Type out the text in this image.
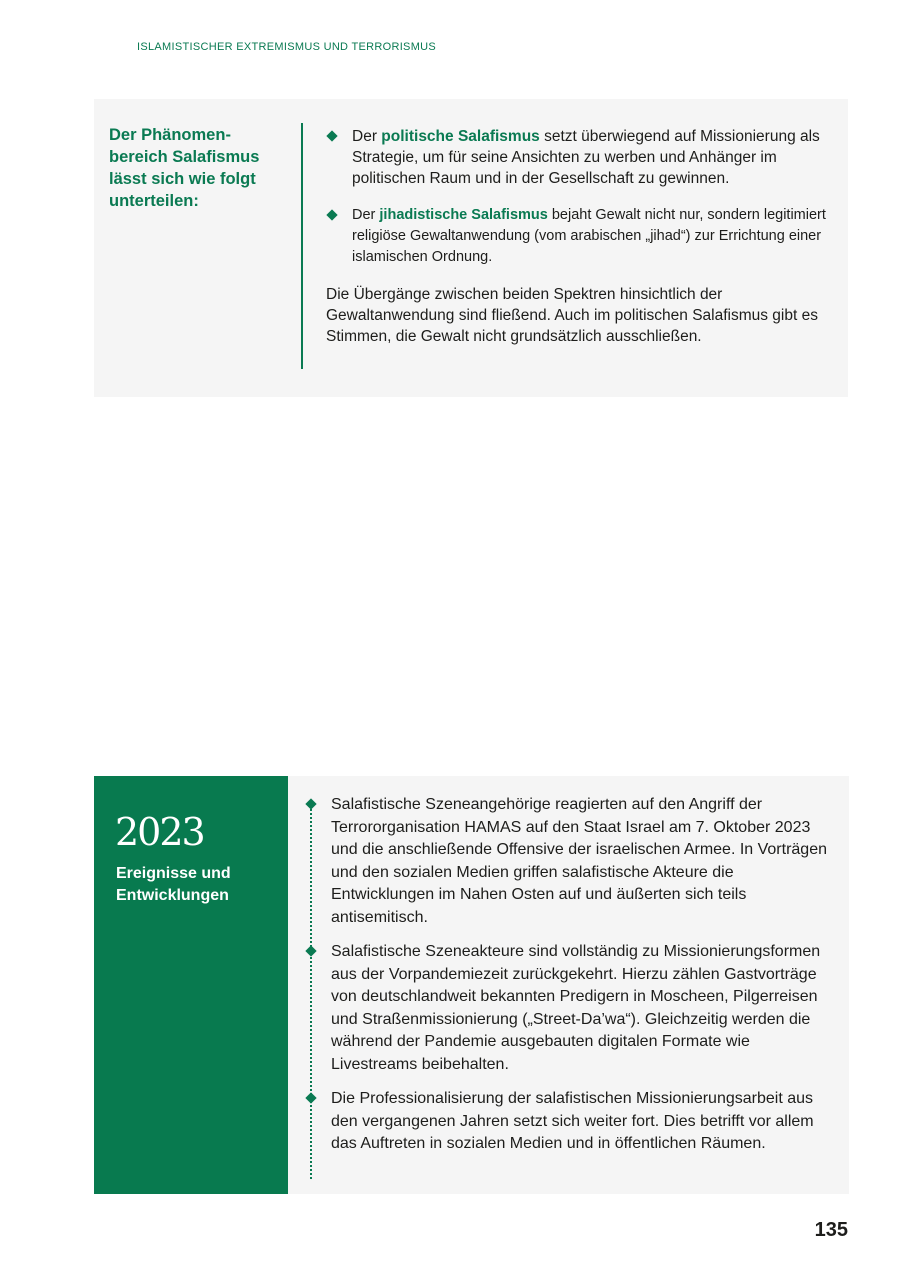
ISLAMISTISCHER EXTREMISMUS UND TERRORISMUS
Der Phänomen-bereich Salafismus lässt sich wie folgt unterteilen:
Der politische Salafismus setzt überwiegend auf Missionierung als Strategie, um für seine Ansichten zu werben und Anhänger im politischen Raum und in der Gesellschaft zu gewinnen.
Der jihadistische Salafismus bejaht Gewalt nicht nur, sondern legitimiert religiöse Gewaltanwendung (vom arabischen „jihad“) zur Errichtung einer islamischen Ordnung.
Die Übergänge zwischen beiden Spektren hinsichtlich der Gewaltanwendung sind fließend. Auch im politischen Salafismus gibt es Stimmen, die Gewalt nicht grundsätzlich ausschließen.
2023
Ereignisse und Entwicklungen
Salafistische Szeneangehörige reagierten auf den Angriff der Terrororganisation HAMAS auf den Staat Israel am 7. Oktober 2023 und die anschließende Offensive der israelischen Armee. In Vorträgen und den sozialen Medien griffen salafistische Akteure die Entwicklungen im Nahen Osten auf und äußerten sich teils antisemitisch.
Salafistische Szeneakteure sind vollständig zu Missionierungsformen aus der Vorpandemiezeit zurückgekehrt. Hierzu zählen Gastvorträge von deutschlandweit bekannten Predigern in Moscheen, Pilgerreisen und Straßenmissionierung („Street-Da’wa“). Gleichzeitig werden die während der Pandemie ausgebauten digitalen Formate wie Livestreams beibehalten.
Die Professionalisierung der salafistischen Missionierungsarbeit aus den vergangenen Jahren setzt sich weiter fort. Dies betrifft vor allem das Auftreten in sozialen Medien und in öffentlichen Räumen.
135
